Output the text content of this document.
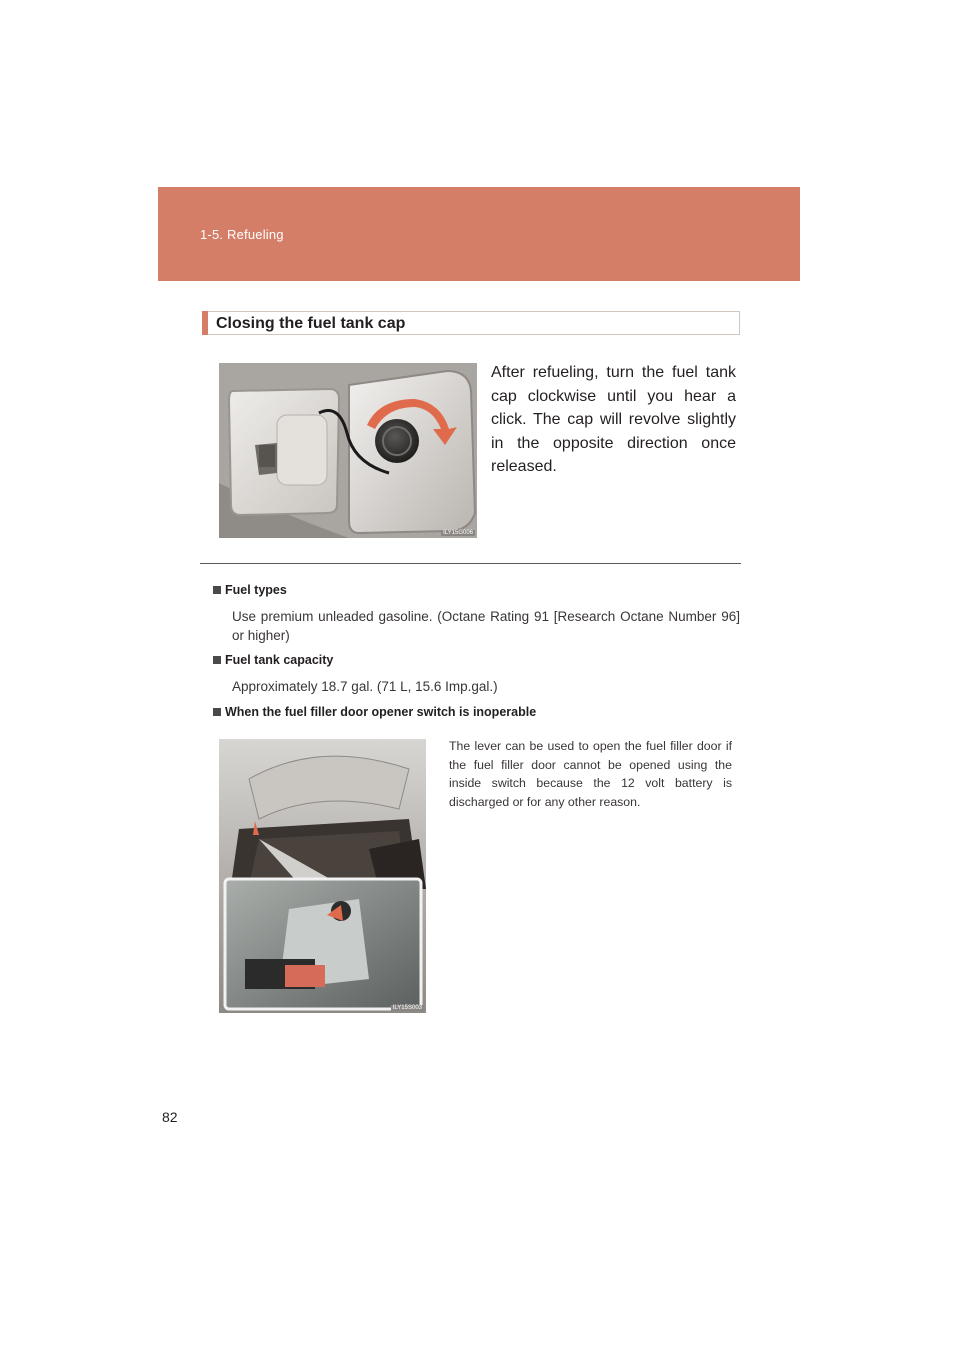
1-5. Refueling
Closing the fuel tank cap
ILY15G006
After refueling, turn the fuel tank cap clockwise until you hear a click. The cap will revolve slightly in the opposite direction once released.
Fuel types
Use premium unleaded gasoline. (Octane Rating 91 [Research Octane Number 96] or higher)
Fuel tank capacity
Approximately 18.7 gal. (71 L, 15.6 Imp.gal.)
When the fuel filler door opener switch is inoperable
ILY15S003
The lever can be used to open the fuel filler door if the fuel filler door cannot be opened using the inside switch because the 12 volt battery is discharged or for any other reason.
82
